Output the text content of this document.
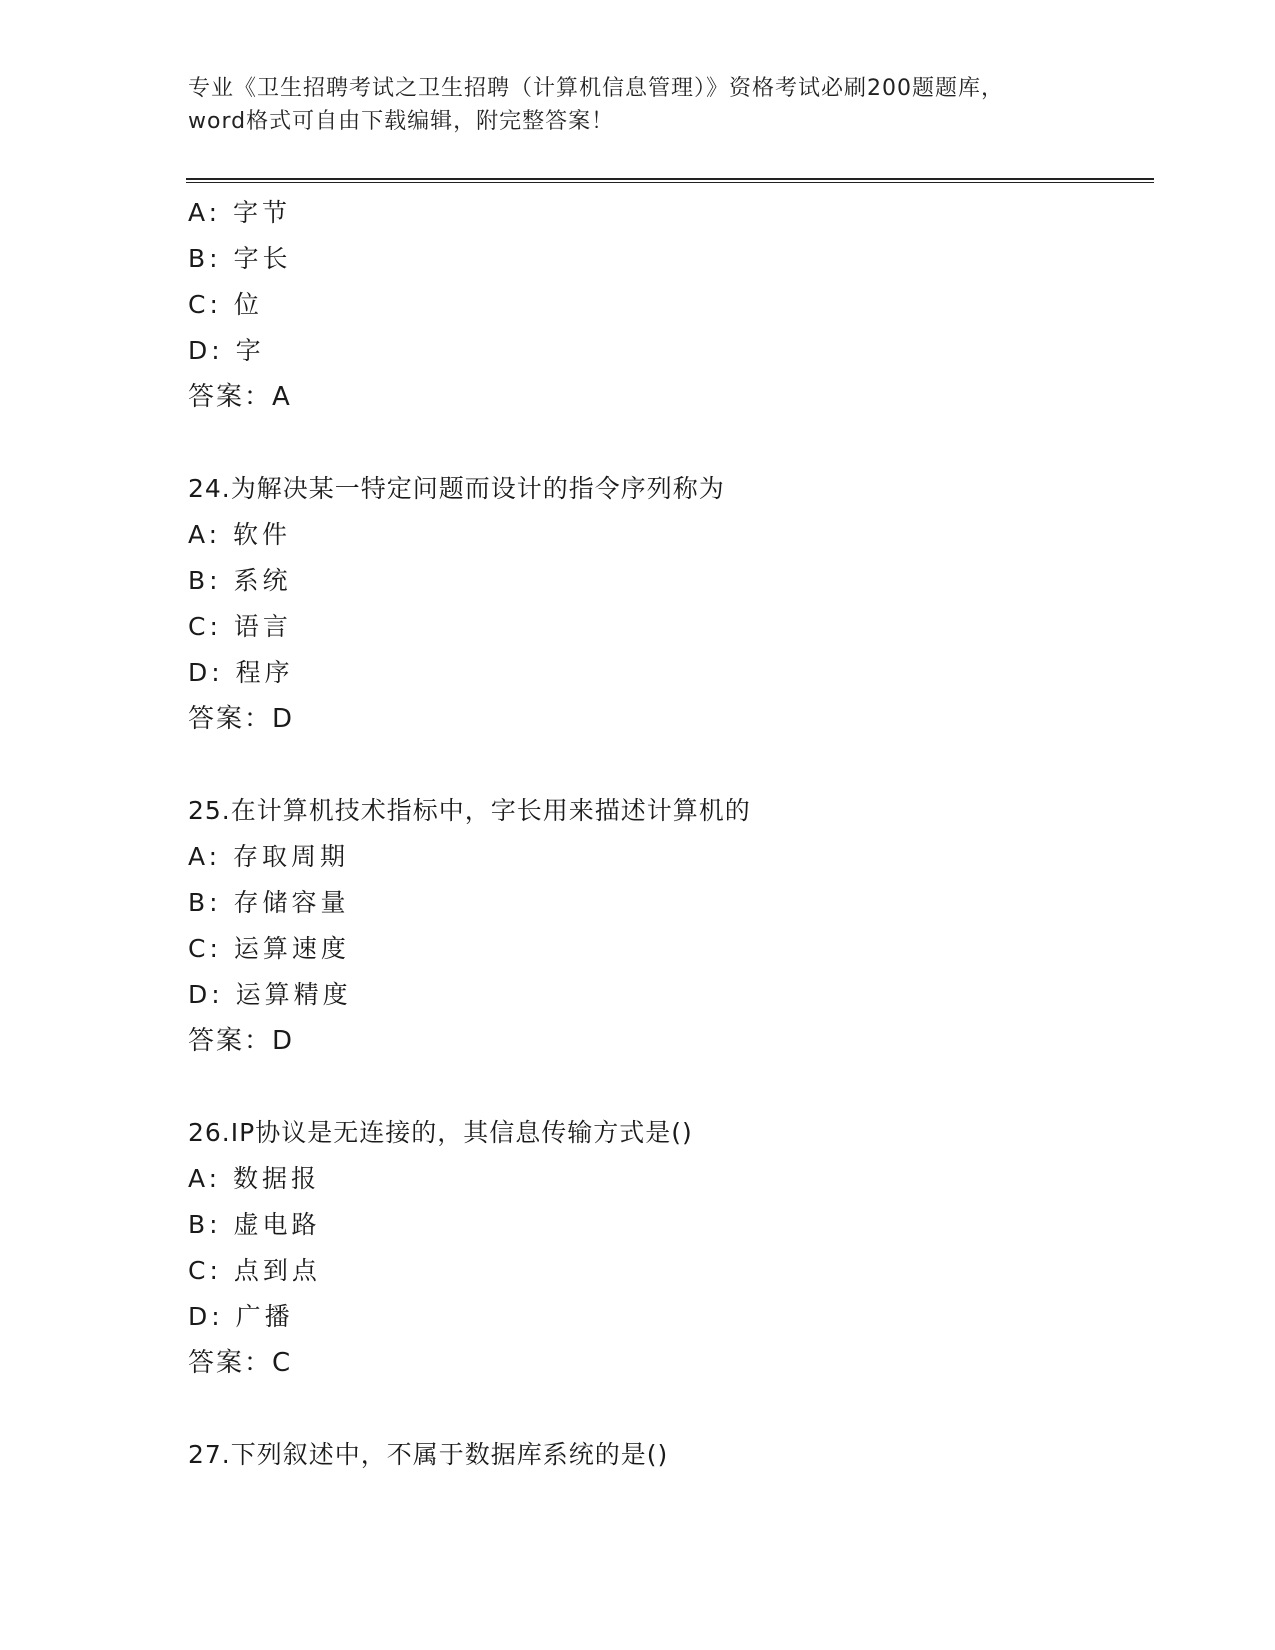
专业《卫生招聘考试之卫生招聘（计算机信息管理）》资格考试必刷200题题库，
word格式可自由下载编辑，附完整答案！
A: 字节
B: 字长
C: 位
D: 字
答案：A
24.为解决某一特定问题而设计的指令序列称为
A: 软件
B: 系统
C: 语言
D: 程序
答案：D
25.在计算机技术指标中，字长用来描述计算机的
A: 存取周期
B: 存储容量
C: 运算速度
D: 运算精度
答案：D
26.IP协议是无连接的，其信息传输方式是()
A: 数据报
B: 虚电路
C: 点到点
D: 广播
答案：C
27.下列叙述中，不属于数据库系统的是()
